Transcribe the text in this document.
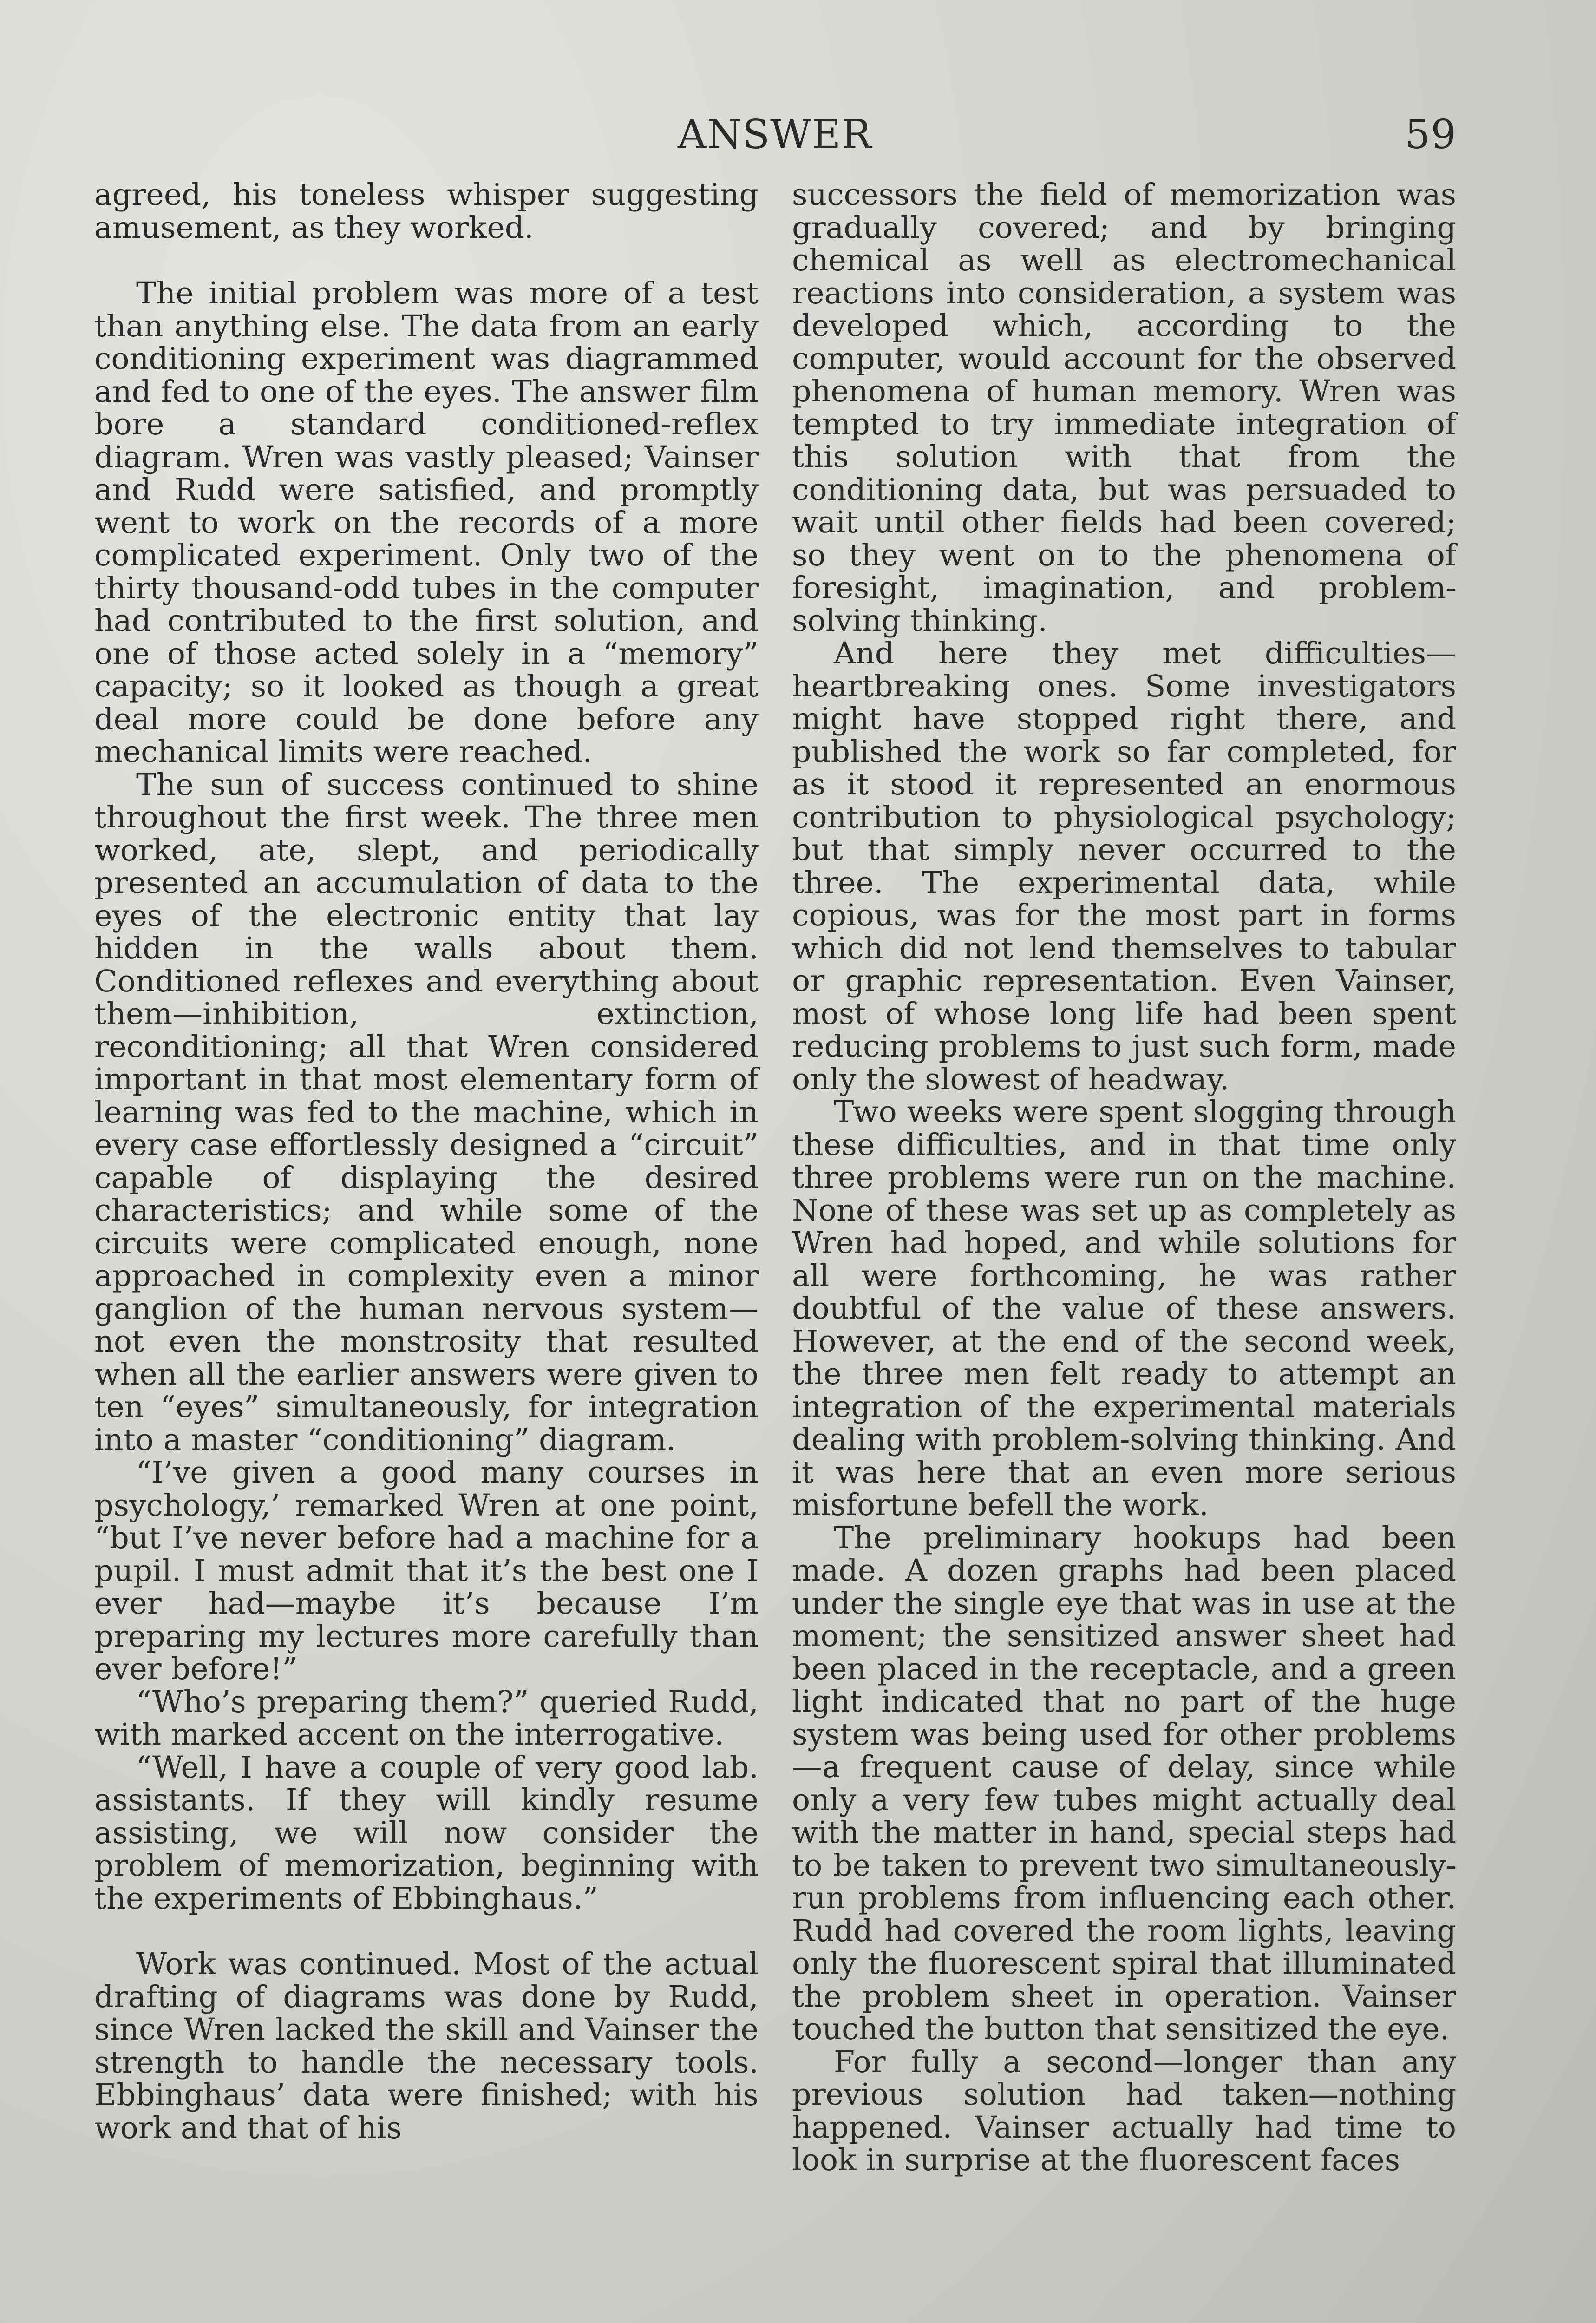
ANSWER	59

agreed, his toneless whisper suggesting amusement, as they worked.

The initial problem was more of a test than anything else. The data from an early conditioning experiment was diagrammed and fed to one of the eyes. The answer film bore a standard conditioned-reflex diagram. Wren was vastly pleased; Vainser and Rudd were satisfied, and promptly went to work on the records of a more complicated experiment. Only two of the thirty thousand-odd tubes in the computer had contributed to the first solution, and one of those acted solely in a “memory” capacity; so it looked as though a great deal more could be done before any mechanical limits were reached.

The sun of success continued to shine throughout the first week. The three men worked, ate, slept, and periodically presented an accumulation of data to the eyes of the electronic entity that lay hidden in the walls about them. Conditioned reflexes and everything about them—inhibition, extinction, reconditioning; all that Wren considered important in that most elementary form of learning was fed to the machine, which in every case effortlessly designed a “circuit” capable of displaying the desired characteristics; and while some of the circuits were complicated enough, none approached in complexity even a minor ganglion of the human nervous system—not even the monstrosity that resulted when all the earlier answers were given to ten “eyes” simultaneously, for integration into a master “conditioning” diagram.

“I’ve given a good many courses in psychology,’ remarked Wren at one point, “but I’ve never before had a machine for a pupil. I must admit that it’s the best one I ever had—maybe it’s because I’m preparing my lectures more carefully than ever before!”

“Who’s preparing them?” queried Rudd, with marked accent on the interrogative.

“Well, I have a couple of very good lab. assistants. If they will kindly resume assisting, we will now consider the problem of memorization, beginning with the experiments of Ebbinghaus.”

Work was continued. Most of the actual drafting of diagrams was done by Rudd, since Wren lacked the skill and Vainser the strength to handle the necessary tools. Ebbinghaus’ data were finished; with his work and that of his

successors the field of memorization was gradually covered; and by bringing chemical as well as electromechanical reactions into consideration, a system was developed which, according to the computer, would account for the observed phenomena of human memory. Wren was tempted to try immediate integration of this solution with that from the conditioning data, but was persuaded to wait until other fields had been covered; so they went on to the phenomena of foresight, imagination, and problem-solving thinking.

And here they met difficulties—heartbreaking ones. Some investigators might have stopped right there, and published the work so far completed, for as it stood it represented an enormous contribution to physiological psychology; but that simply never occurred to the three. The experimental data, while copious, was for the most part in forms which did not lend themselves to tabular or graphic representation. Even Vainser, most of whose long life had been spent reducing problems to just such form, made only the slowest of headway.

Two weeks were spent slogging through these difficulties, and in that time only three problems were run on the machine. None of these was set up as completely as Wren had hoped, and while solutions for all were forthcoming, he was rather doubtful of the value of these answers. However, at the end of the second week, the three men felt ready to attempt an integration of the experimental materials dealing with problem-solving thinking. And it was here that an even more serious misfortune befell the work.

The preliminary hookups had been made. A dozen graphs had been placed under the single eye that was in use at the moment; the sensitized answer sheet had been placed in the receptacle, and a green light indicated that no part of the huge system was being used for other problems—a frequent cause of delay, since while only a very few tubes might actually deal with the matter in hand, special steps had to be taken to prevent two simultaneously-run problems from influencing each other. Rudd had covered the room lights, leaving only the fluorescent spiral that illuminated the problem sheet in operation. Vainser touched the button that sensitized the eye.

For fully a second—longer than any previous solution had taken—nothing happened. Vainser actually had time to look in surprise at the fluorescent faces
